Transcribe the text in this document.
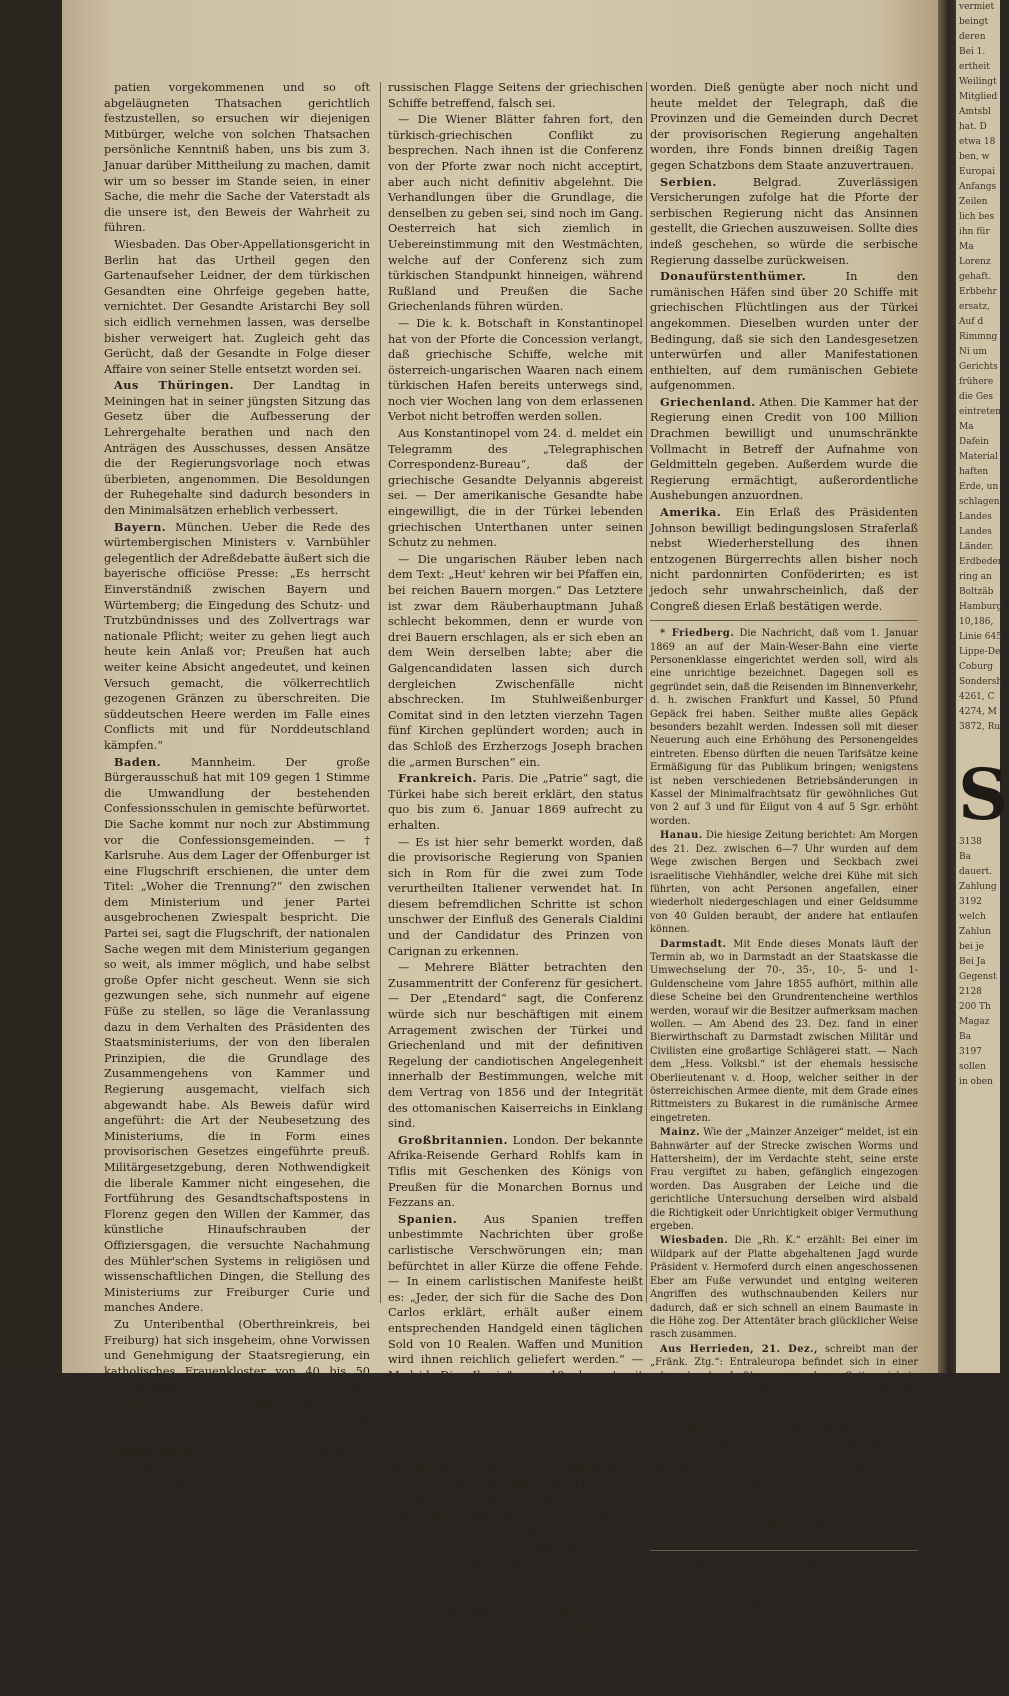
vermiet
beingt
deren
Bei 1.
ertheit
Weilingt
Mitglied
Amtsbl
hat. D
etwa 18
ben, w
Europai
Anfangs
Zeilen
lich bes
ihn für
Ma
Lorenz
gehaft.
Erbbehr
ersatz,
Auf d
Rimmng
Ni um
Gerichts
frühere
die Ges
eintreten
Ma
Dafein
Material
haften
Erde, un
schlagen
Landes
Landes
Länder.
Erdbeden
ring an
Boltzäb
Hamburg
10,186,
Linie 645
Lippe-De
Coburg
Sondersh
4261, C
4274, M
3872, Ru
S
3138
Ba
dauert.
Zahlung
3192
welch
Zahlun
bei je
Bei Ja
Gegenst
2128
200 Th
Magaz
Ba
3197
sollen
in oben

patien vorgekommenen und so oft abgeläugneten Thatsachen gerichtlich festzustellen, so ersuchen wir diejenigen Mitbürger, welche von solchen Thatsachen persönliche Kenntniß haben, uns bis zum 3. Januar darüber Mittheilung zu machen, damit wir um so besser im Stande seien, in einer Sache, die mehr die Sache der Vaterstadt als die unsere ist, den Beweis der Wahrheit zu führen.

Wiesbaden. Das Ober-Appellationsgericht in Berlin hat das Urtheil gegen den Gartenaufseher Leidner, der dem türkischen Gesandten eine Ohrfeige gegeben hatte, vernichtet. Der Gesandte Aristarchi Bey soll sich eidlich vernehmen lassen, was derselbe bisher verweigert hat. Zugleich geht das Gerücht, daß der Gesandte in Folge dieser Affaire von seiner Stelle entsetzt worden sei.

Aus Thüringen. Der Landtag in Meiningen hat in seiner jüngsten Sitzung das Gesetz über die Aufbesserung der Lehrergehalte berathen und nach den Anträgen des Ausschusses, dessen Ansätze die der Regierungsvorlage noch etwas überbieten, angenommen. Die Besoldungen der Ruhegehalte sind dadurch besonders in den Minimalsätzen erheblich verbessert.

Bayern. München. Ueber die Rede des würtembergischen Ministers v. Varnbühler gelegentlich der Adreßdebatte äußert sich die bayerische officiöse Presse: „Es herrscht Einverständniß zwischen Bayern und Würtemberg; die Eingedung des Schutz- und Trutzbündnisses und des Zollvertrags war nationale Pflicht; weiter zu gehen liegt auch heute kein Anlaß vor; Preußen hat auch weiter keine Absicht angedeutet, und keinen Versuch gemacht, die völkerrechtlich gezogenen Gränzen zu überschreiten. Die süddeutschen Heere werden im Falle eines Conflicts mit und für Norddeutschland kämpfen.“

Baden.	Mannheim. Der große Bürgerausschuß hat mit 109 gegen 1 Stimme die Umwandlung der bestehenden Confessionsschulen in gemischte befürwortet. Die Sache kommt nur noch zur Abstimmung vor die Confessionsgemeinden. — † Karlsruhe. Aus dem Lager der Offenburger ist eine Flugschrift erschienen, die unter dem Titel: „Woher die Trennung?“ den zwischen dem Ministerium und jener Partei ausgebrochenen Zwiespalt bespricht. Die Partei sei, sagt die Flugschrift, der nationalen Sache wegen mit dem Ministerium gegangen so weit, als immer möglich, und habe selbst große Opfer nicht gescheut. Wenn sie sich gezwungen sehe, sich nunmehr auf eigene Füße zu stellen, so läge die Veranlassung dazu in dem Verhalten des Präsidenten des Staatsministeriums, der von den liberalen Prinzipien, die die Grundlage des Zusammengehens von Kammer und Regierung ausgemacht, vielfach sich abgewandt habe. Als Beweis dafür wird angeführt: die Art der Neubesetzung des Ministeriums, die in Form eines provisorischen Gesetzes eingeführte preuß. Militärgesetzgebung, deren Nothwendigkeit die liberale Kammer nicht eingesehen, die Fortführung des Gesandtschaftspostens in Florenz gegen den Willen der Kammer, das künstliche Hinaufschrauben der Offiziersgagen, die versuchte Nachahmung des Mühler'schen Systems in religiösen und wissenschaftlichen Dingen, die Stellung des Ministeriums zur Freiburger Curie und manches Andere.

Zu Unteribenthal (Oberthreinkreis, bei Freiburg) hat sich insgeheim, ohne Vorwissen und Genehmigung der Staatsregierung, ein katholisches Frauenkloster von 40 bis 50 Frauen gebildet. Wie nun die „Karlsr. Ztg.“ meldet, hat die Regierung dieses Kloster aufgelöst und jede weitere Betheiligung daran verboten.

Oesterreich. Wien. Dem „Telegraphen-Correspondenz-Bureau“ wird aus Athen vom 22. d. telegraphirt, daß die griechische Regierung von der Kammer einen außerordentlichen Credit im Betrage von 100 Mill. Drachmen und eine außerordentliche Aushebung verlange; die Nationalgarde wird mobilisirt, mehrere Häfen werden befestigt.

— Die „N. fr. Pr.“ meldet: Die hiesige russische Botschaft erklärte offiziell, daß die Nachricht des „Levante Herald“, die Führung der

russischen Flagge Seitens der griechischen Schiffe betreffend, falsch sei.

— Die Wiener Blätter fahren fort, den türkisch-griechischen Conflikt zu besprechen. Nach ihnen ist die Conferenz von der Pforte zwar noch nicht acceptirt, aber auch nicht definitiv abgelehnt. Die Verhandlungen über die Grundlage, die denselben zu geben sei, sind noch im Gang. Oesterreich hat sich ziemlich in Uebereinstimmung mit den Westmächten, welche auf der Conferenz sich zum türkischen Standpunkt hinneigen, während Rußland und Preußen die Sache Griechenlands führen würden.

— Die k. k. Botschaft in Konstantinopel hat von der Pforte die Concession verlangt, daß griechische Schiffe, welche mit österreich-ungarischen Waaren nach einem türkischen Hafen bereits unterwegs sind, noch vier Wochen lang von dem erlassenen Verbot nicht betroffen werden sollen.

Aus Konstantinopel vom 24. d. meldet ein Telegramm des „Telegraphischen Correspondenz-Bureau“, daß der griechische Gesandte Delyannis abgereist sei. — Der amerikanische Gesandte habe eingewilligt, die in der Türkei lebenden griechischen Unterthanen unter seinen Schutz zu nehmen.

— Die ungarischen Räuber leben nach dem Text: „Heut' kehren wir bei Pfaffen ein, bei reichen Bauern morgen.“ Das Letztere ist zwar dem Räuberhauptmann Juhaß schlecht bekommen, denn er wurde von drei Bauern erschlagen, als er sich eben an dem Wein derselben labte; aber die Galgencandidaten lassen sich durch dergleichen Zwischenfälle nicht abschrecken. Im Stuhlweißenburger Comitat sind in den letzten vierzehn Tagen fünf Kirchen geplündert worden; auch in das Schloß des Erzherzogs Joseph brachen die „armen Burschen“ ein.

Frankreich. Paris. Die „Patrie“ sagt, die Türkei habe sich bereit erklärt, den status quo bis zum 6. Januar 1869 aufrecht zu erhalten.

— Es ist hier sehr bemerkt worden, daß die provisorische Regierung von Spanien sich in Rom für die zwei zum Tode verurtheilten Italiener verwendet hat. In diesem befremdlichen Schritte ist schon unschwer der Einfluß des Generals Cialdini und der Candidatur des Prinzen von Carignan zu erkennen.

— Mehrere Blätter betrachten den Zusammentritt der Conferenz für gesichert. — Der „Etendard“ sagt, die Conferenz würde sich nur beschäftigen mit einem Arragement zwischen der Türkei und Griechenland und mit der definitiven Regelung der candiotischen Angelegenheit innerhalb der Bestimmungen, welche mit dem Vertrag von 1856 und der Integrität des ottomanischen Kaiserreichs in Einklang sind.

Großbritannien. London. Der bekannte Afrika-Reisende Gerhard Rohlfs kam in Tiflis mit Geschenken des Königs von Preußen für die Monarchen Bornus und Fezzans an.

Spanien. Aus Spanien treffen unbestimmte Nachrichten über große carlistische Verschwörungen ein; man befürchtet in aller Kürze die offene Fehde. — In einem carlistischen Manifeste heißt es: „Jeder, der sich für die Sache des Don Carlos erklärt, erhält außer einem entsprechenden Handgeld einen täglichen Sold von 10 Realen. Waffen und Munition wird ihnen reichlich geliefert werden.“ — Madrid. Die „Iberia“ vom 19. d. sagt mit Rücksicht auf die Municipalwahlen: „Heute ist für Spanien ein feierlicher Tag! Heute zum ersten Mal werden die Bürger ein Recht ausüben, das zu den kostbarsten Errungenschaften der Revolution gehört: das Recht der allgemeinen Abstimmung! Früher kannten wir dieses Recht nur dem Namen nach, heute werdet ihr euch überzeugen, daß die Freiheit nicht blos Phrase, sondern Thatsache ist. Die neidischen Unterstellungen der Reaction werden Lügen gestraft und die provisorische Regierung im vollen Lichte ihrer Glorie erkannt und gewürdigt werden.

— Mit den spanischen Finanzen soll es schlimm bestellt sein. Vor einigen Tagen war bereits die Depositenkasse liquidirt und so die schwebende Staatsschuld von 250 Millionen zwangsweise in eine consolidirte umgewandelt

worden. Dieß genügte aber noch nicht und heute meldet der Telegraph, daß die Provinzen und die Gemeinden durch Decret der provisorischen Regierung angehalten worden, ihre Fonds binnen dreißig Tagen gegen Schatzbons dem Staate anzuvertrauen.

Serbien.	Belgrad. Zuverlässigen Versicherungen zufolge hat die Pforte der serbischen Regierung nicht das Ansinnen gestellt, die Griechen auszuweisen. Sollte dies indeß geschehen, so würde die serbische Regierung dasselbe zurückweisen.

Donaufürstenthümer.	In den rumänischen Häfen sind über 20 Schiffe mit griechischen Flüchtlingen aus der Türkei angekommen. Dieselben wurden unter der Bedingung, daß sie sich den Landesgesetzen unterwürfen und aller Manifestationen enthielten, auf dem rumänischen Gebiete aufgenommen.

Griechenland. Athen. Die Kammer hat der Regierung einen Credit von 100 Million Drachmen bewilligt und unumschränkte Vollmacht in Betreff der Aufnahme von Geldmitteln gegeben. Außerdem wurde die Regierung ermächtigt, außerordentliche Aushebungen anzuordnen.

Amerika. Ein Erlaß des Präsidenten Johnson bewilligt bedingungslosen Straferlaß nebst Wiederherstellung des ihnen entzogenen Bürgerrechts allen bisher noch nicht pardonnirten Conföderirten; es ist jedoch sehr unwahrscheinlich, daß der Congreß diesen Erlaß bestätigen werde.

* Friedberg. Die Nachricht, daß vom 1. Januar 1869 an auf der Main-Weser-Bahn eine vierte Personenklasse eingerichtet werden soll, wird als eine unrichtige bezeichnet. Dagegen soll es gegründet sein, daß die Reisenden im Binnenverkehr, d. h. zwischen Frankfurt und Kassel, 50 Pfund Gepäck frei haben. Seither mußte alles Gepäck besonders bezahlt werden. Indessen soll mit dieser Neuerung auch eine Erhöhung des Personengeldes eintreten. Ebenso dürften die neuen Tarifsätze keine Ermäßigung für das Publikum bringen; wenigstens ist neben verschiedenen Betriebsänderungen in Kassel der Minimalfrachtsatz für gewöhnliches Gut von 2 auf 3 und für Eilgut von 4 auf 5 Sgr. erhöht worden.

Hanau. Die hiesige Zeitung berichtet: Am Morgen des 21. Dez. zwischen 6—7 Uhr wurden auf dem Wege zwischen Bergen und Seckbach zwei israelitische Viehhändler, welche drei Kühe mit sich führten, von acht Personen angefallen, einer wiederholt niedergeschlagen und einer Geldsumme von 40 Gulden beraubt, der andere hat entlaufen können.

Darmstadt. Mit Ende dieses Monats läuft der Termin ab, wo in Darmstadt an der Staatskasse die Umwechselung der 70-, 35-, 10-, 5- und 1-Guldenscheine vom Jahre 1855 aufhört, mithin alle diese Scheine bei den Grundrentencheine werthlos werden, worauf wir die Besitzer aufmerksam machen wollen. — Am Abend des 23. Dez. fand in einer Bierwirthschaft zu Darmstadt zwischen Militär und Civilisten eine großartige Schlägerei statt. — Nach dem „Hess. Volksbl.“ ist der ehemals hessische Oberlieutenant v. d. Hoop, welcher seither in der österreichischen Armee diente, mit dem Grade eines Rittmeisters zu Bukarest in die rumänische Armee eingetreten.

Mainz. Wie der „Mainzer Anzeiger“ meldet, ist ein Bahnwärter auf der Strecke zwischen Worms und Hattersheim), der im Verdachte steht, seine erste Frau vergiftet zu haben, gefänglich eingezogen worden. Das Ausgraben der Leiche und die gerichtliche Untersuchung derselben wird alsbald die Richtigkeit oder Unrichtigkeit obiger Vermuthung ergeben.

Wiesbaden. Die „Rh. K.“ erzählt: Bei einer im Wildpark auf der Platte abgehaltenen Jagd wurde Präsident v. Hermoferd durch einen angeschossenen Eber am Fuße verwundet und entging weiteren Angriffen des wuthschnaubenden Keilers nur dadurch, daß er sich schnell an einem Baumaste in die Höhe zog. Der Attentäter brach glücklicher Weise rasch zusammen.

Aus Herrieden, 21. Dez., schreibt man der „Fränk. Ztg.“: Entraleuropa befindet sich in einer schwankenden Luftbewegung, deren Spitze sich in neuerer Zeit nach Südwesten gewendet hat. Wir haben daher auch bald warm, bald kalt, je nachdem wir dem Luftberg oder Luftthal näher rücken. In Folge dieser meteorologischen Verhältnisse (kalter Passat im Südwest, warmer Antipassat im Nord) hatten vorgestern Morgens 8 Uhr Madrid und Petersburg einerlei Temperatur (5.4°) und war es an der nordöstlichen Spitze Schottlands wärmer als in Rom (Nairn 6.8°, Rom 6.2°). Nordamerika hat in der letzten Zeit ungeachtet des tieferen Barometerstandes heiteren Himmel und kältere Temperatur.

*, * Die „Berliner Montagszeitung“ schreibt: „Ende vorigen Jahres betrug die Stärke der nordamerikanischen Armee etwas über 90,000 Mann! Wie das ungeheuer große Land auch nur Einen Tag damit zufrieden sein kann, ist ein unlösbares Räthsel.“ „Leider ist dieses Räthsel nicht blos für die Leute in Berlin unlösbar!“ fügt ein Wiener Blatt hinzu. Französische Stimmen haben sich darüber noch nicht ausgesprochen.
